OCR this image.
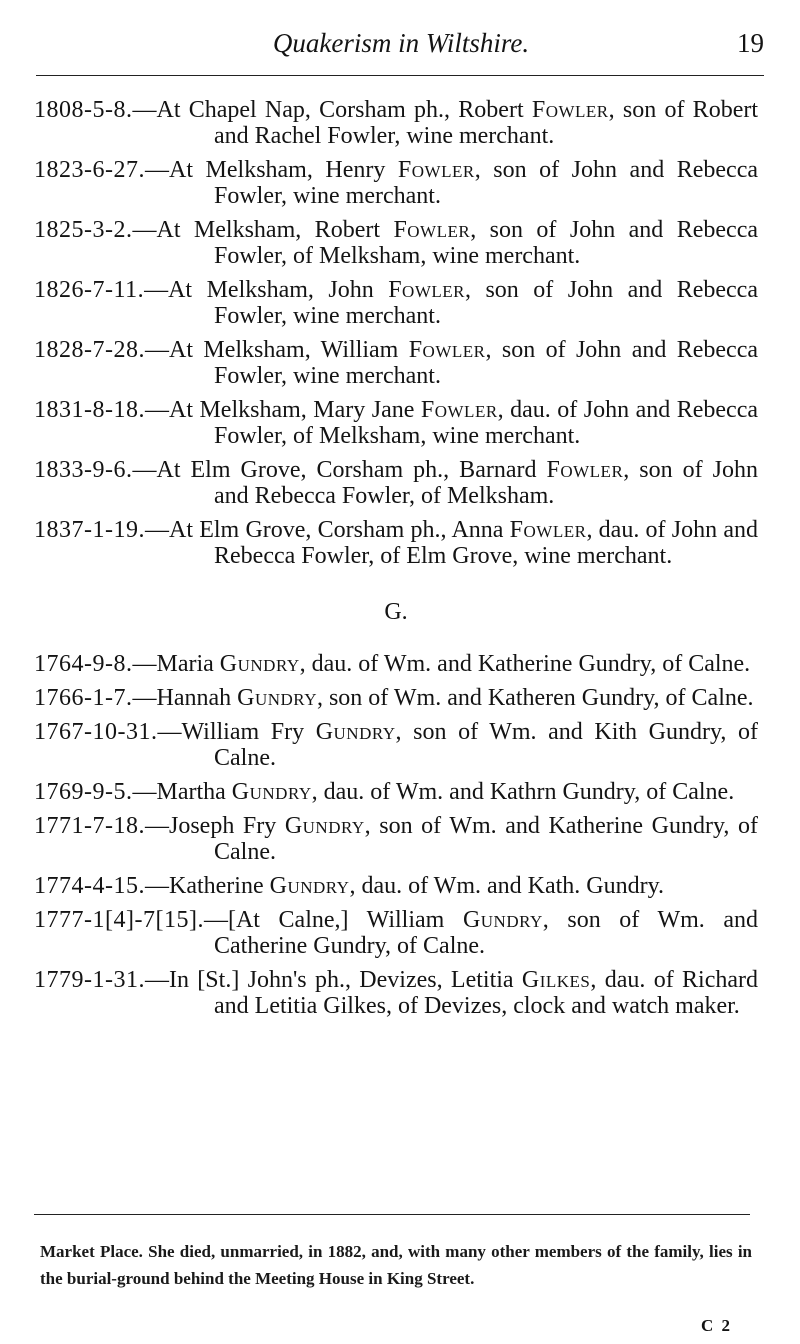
Quakerism in Wiltshire.	19

1808-5-8.—At Chapel Nap, Corsham ph., Robert Fowler, son of Robert and Rachel Fowler, wine merchant.

1823-6-27.—At Melksham, Henry Fowler, son of John and Rebecca Fowler, wine merchant.

1825-3-2.—At Melksham, Robert Fowler, son of John and Rebecca Fowler, of Melksham, wine merchant.

1826-7-11.—At Melksham, John Fowler, son of John and Rebecca Fowler, wine merchant.

1828-7-28.—At Melksham, William Fowler, son of John and Rebecca Fowler, wine merchant.

1831-8-18.—At Melksham, Mary Jane Fowler, dau. of John and Rebecca Fowler, of Melksham, wine merchant.

1833-9-6.—At Elm Grove, Corsham ph., Barnard Fowler, son of John and Rebecca Fowler, of Melksham.

1837-1-19.—At Elm Grove, Corsham ph., Anna Fowler, dau. of John and Rebecca Fowler, of Elm Grove, wine merchant.

G.

1764-9-8.—Maria Gundry, dau. of Wm. and Katherine Gundry, of Calne.

1766-1-7.—Hannah Gundry, son of Wm. and Katheren Gundry, of Calne.

1767-10-31.—William Fry Gundry, son of Wm. and Kith Gundry, of Calne.

1769-9-5.—Martha Gundry, dau. of Wm. and Kathrn Gundry, of Calne.

1771-7-18.—Joseph Fry Gundry, son of Wm. and Katherine Gundry, of Calne.

1774-4-15.—Katherine Gundry, dau. of Wm. and Kath. Gundry.

1777-1[4]-7[15].—[At Calne,] William Gundry, son of Wm. and Catherine Gundry, of Calne.

1779-1-31.—In [St.] John's ph., Devizes, Letitia Gilkes, dau. of Richard and Letitia Gilkes, of Devizes, clock and watch maker.

Market Place. She died, unmarried, in 1882, and, with many other members of the family, lies in the burial-ground behind the Meeting House in King Street.
C 2
